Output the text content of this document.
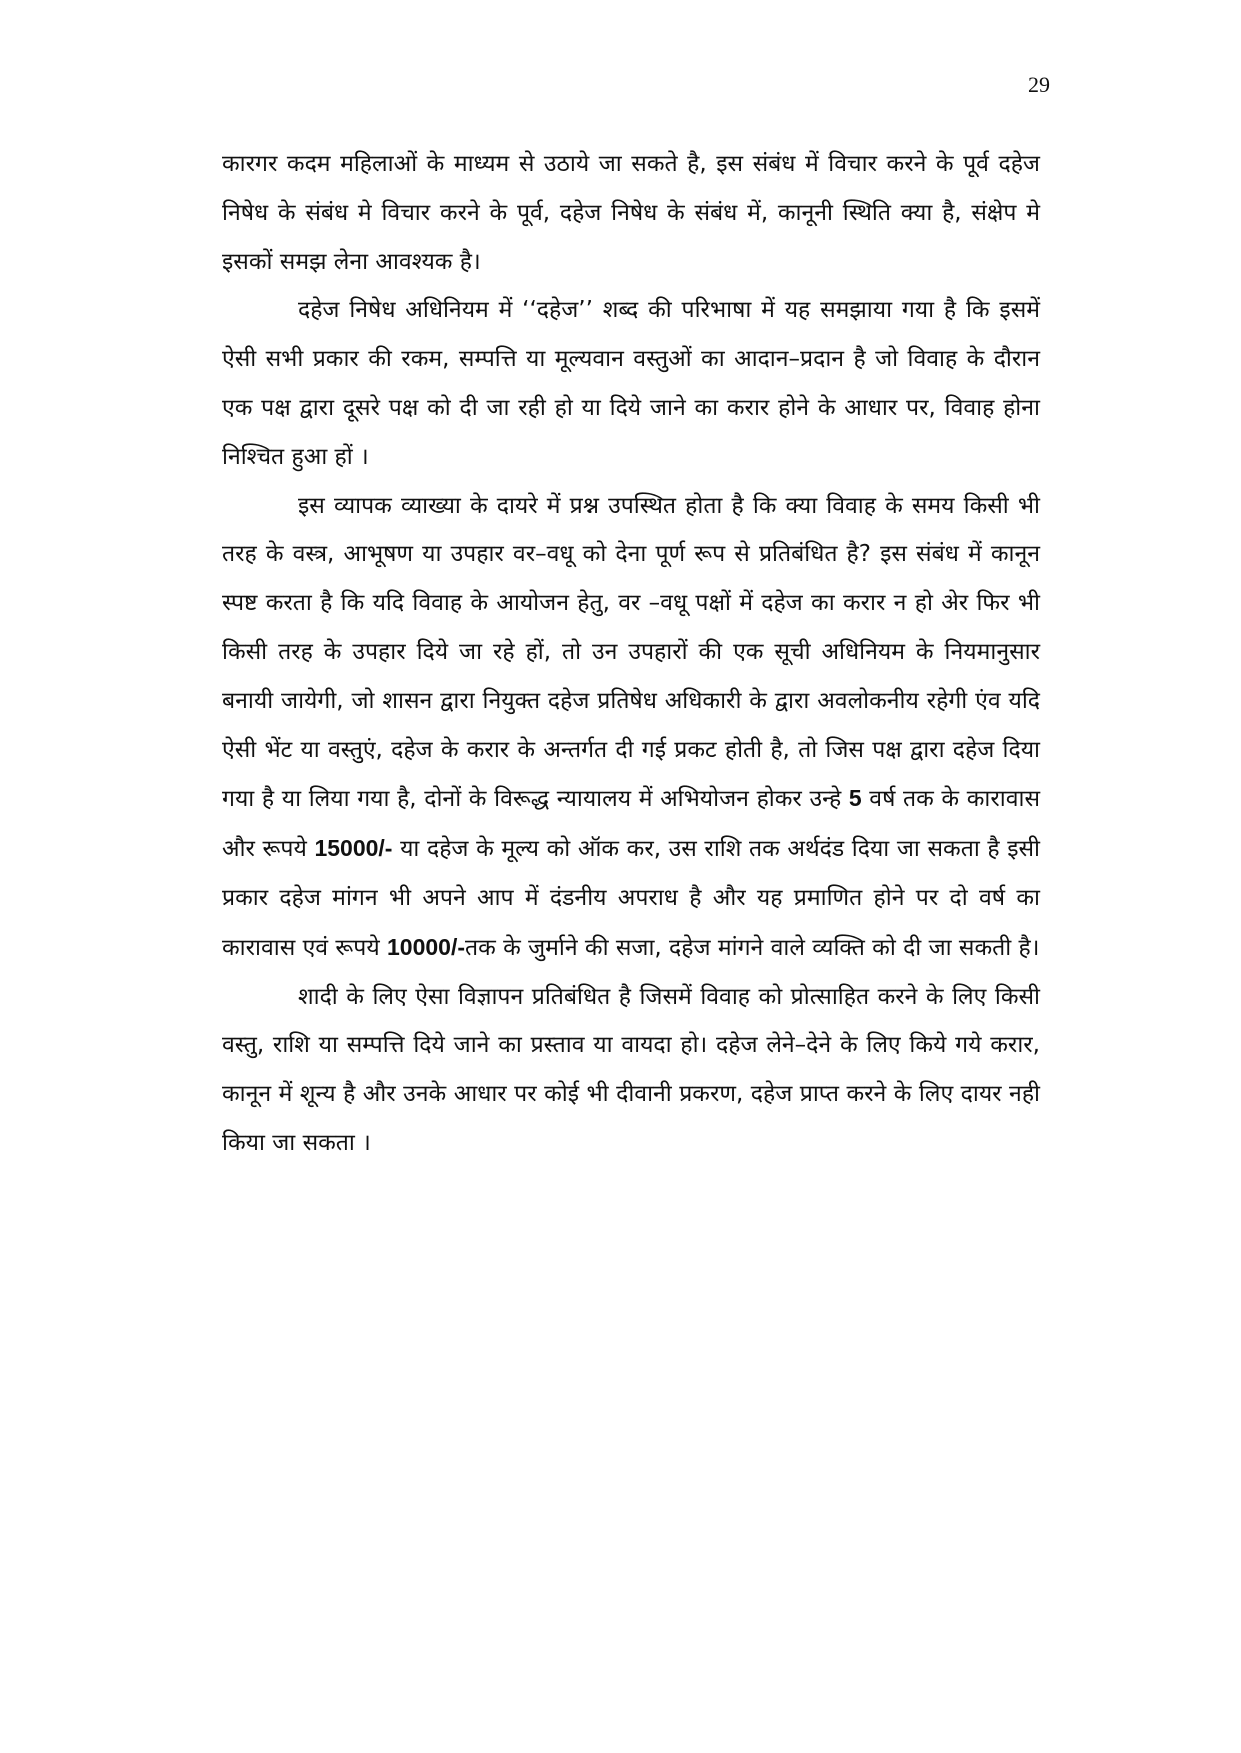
29

कारगर कदम महिलाओं के माध्यम से उठाये जा सकते है, इस संबंध में विचार करने के पूर्व दहेज निषेध के संबंध मे विचार करने के पूर्व, दहेज निषेध के संबंध में, कानूनी स्थिति क्या है, संक्षेप मे इसकों समझ लेना आवश्यक है।

दहेज निषेध अधिनियम में ‘‘दहेज’’ शब्द की परिभाषा में यह समझाया गया है कि इसमें ऐसी सभी प्रकार की रकम, सम्पत्ति या मूल्यवान वस्तुओं का आदान–प्रदान है जो विवाह के दौरान एक पक्ष द्वारा दूसरे पक्ष को दी जा रही हो या दिये जाने का करार होने के आधार पर, विवाह होना निश्चित हुआ हों ।

इस व्यापक व्याख्या के दायरे में प्रश्न उपस्थित होता है कि क्या विवाह के समय किसी भी तरह के वस्त्र, आभूषण या उपहार वर–वधू को देना पूर्ण रूप से प्रतिबंधित है? इस संबंध में कानून स्पष्ट करता है कि यदि विवाह के आयोजन हेतु, वर –वधू पक्षों में दहेज का करार न हो अेर फिर भी किसी तरह के उपहार दिये जा रहे हों, तो उन उपहारों की एक सूची अधिनियम के नियमानुसार बनायी जायेगी, जो शासन द्वारा नियुक्त दहेज प्रतिषेध अधिकारी के द्वारा अवलोकनीय रहेगी एंव यदि ऐसी भेंट या वस्तुएं, दहेज के करार के अन्तर्गत दी गई प्रकट होती है, तो जिस पक्ष द्वारा दहेज दिया गया है या लिया गया है, दोनों के विरूद्ध न्यायालय में अभियोजन होकर उन्हे 5 वर्ष तक के कारावास और रूपये 15000/- या दहेज के मूल्य को ऑक कर, उस राशि तक अर्थदंड दिया जा सकता है इसी प्रकार दहेज मांगन भी अपने आप में दंडनीय अपराध है और यह प्रमाणित होने पर दो वर्ष का कारावास एवं रूपये 10000/-तक के जुर्माने की सजा, दहेज मांगने वाले व्यक्ति को दी जा सकती है।

शादी के लिए ऐसा विज्ञापन प्रतिबंधित है जिसमें विवाह को प्रोत्साहित करने के लिए किसी वस्तु, राशि या सम्पत्ति दिये जाने का प्रस्ताव या वायदा हो। दहेज लेने–देने के लिए किये गये करार, कानून में शून्य है और उनके आधार पर कोई भी दीवानी प्रकरण, दहेज प्राप्त करने के लिए दायर नही किया जा सकता ।
